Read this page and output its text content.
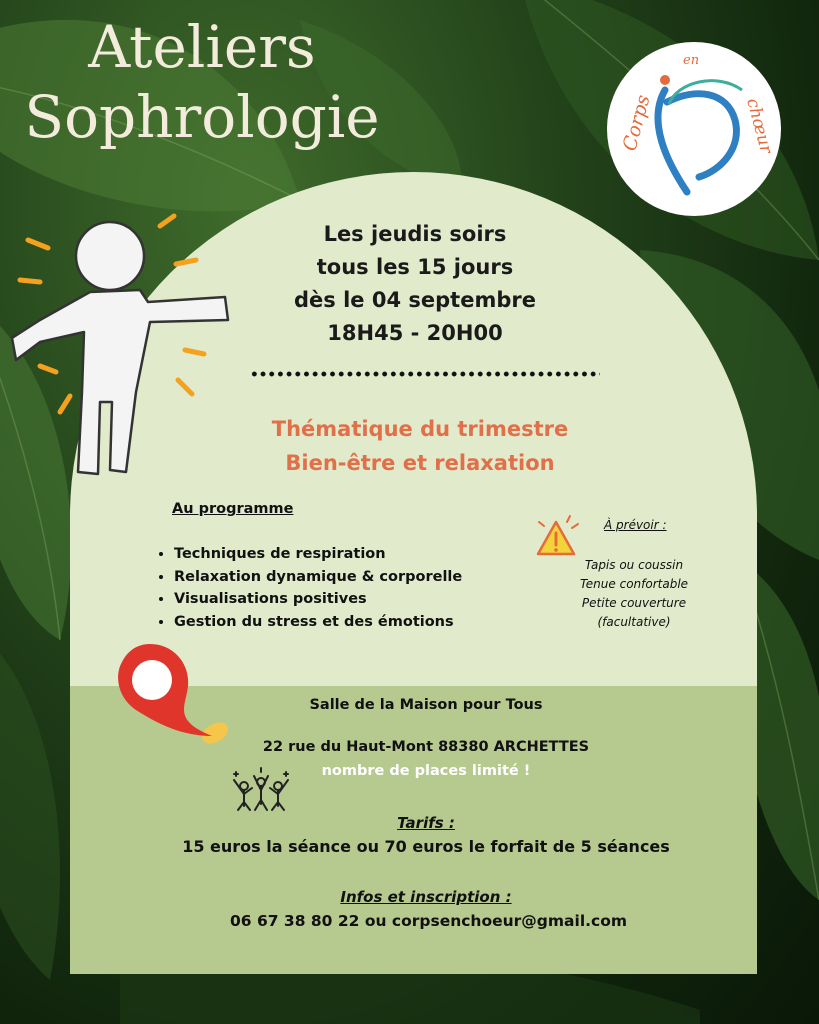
Ateliers
Sophrologie	Corps
en
chœur
Les jeudis soirs
tous les 15 jours
dès le 04 septembre
18H45 - 20H00
Thématique du trimestre
Bien-être et relaxation
Au programme
• Techniques de respiration
• Relaxation dynamique & corporelle
• Visualisations positives
• Gestion du stress et des émotions
À prévoir :
Tapis ou coussin
Tenue confortable
Petite couverture
(facultative)
Salle de la Maison pour Tous
22 rue du Haut-Mont 88380 ARCHETTES
nombre de places limité !
Tarifs :
15 euros la séance ou 70 euros le forfait de 5 séances
Infos et inscription :
06 67 38 80 22 ou corpsenchoeur@gmail.com
